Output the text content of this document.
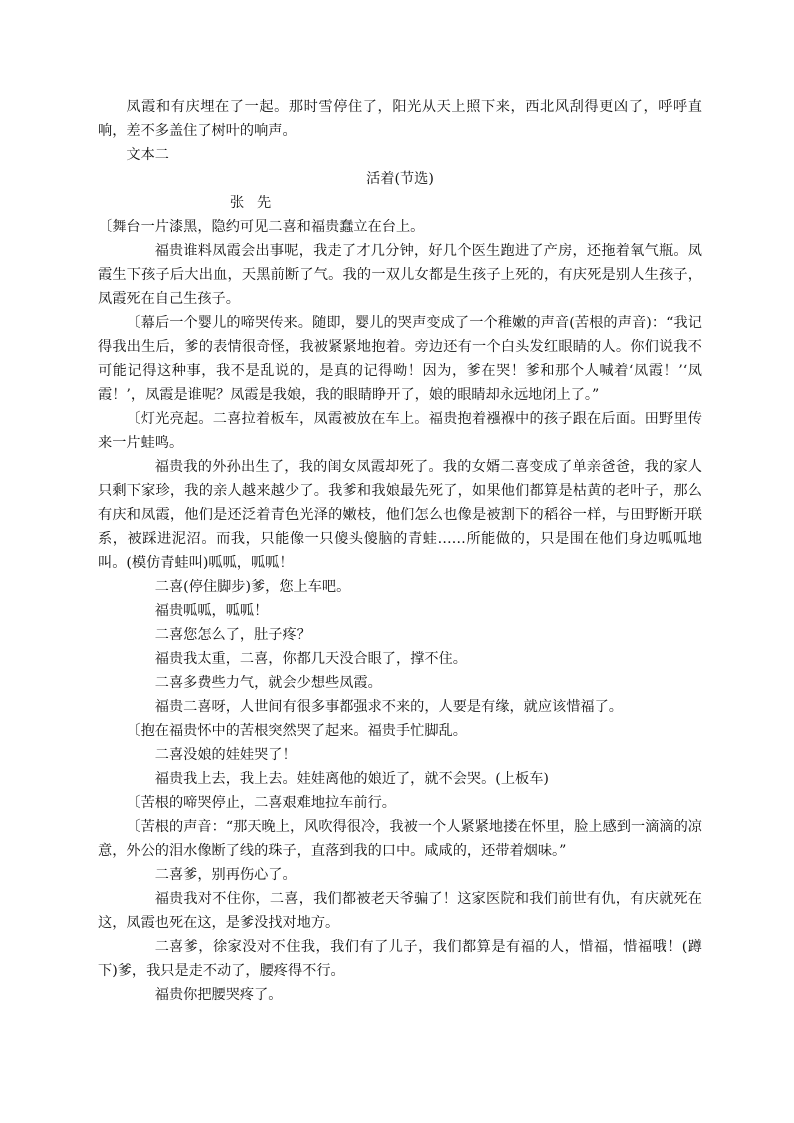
凤霞和有庆埋在了一起。那时雪停住了，阳光从天上照下来，西北风刮得更凶了，呼呼直响，差不多盖住了树叶的响声。

文本二

活着(节选)

张先

〔舞台一片漆黑，隐约可见二喜和福贵蠢立在台上。

福贵谁料凤霞会出事呢，我走了才几分钟，好几个医生跑进了产房，还拖着氧气瓶。凤霞生下孩子后大出血，天黑前断了气。我的一双儿女都是生孩子上死的，有庆死是别人生孩子，凤霞死在自己生孩子。

〔幕后一个婴儿的啼哭传来。随即，婴儿的哭声变成了一个稚嫩的声音(苦根的声音)：“我记得我出生后，爹的表情很奇怪，我被紧紧地抱着。旁边还有一个白头发红眼睛的人。你们说我不可能记得这种事，我不是乱说的，是真的记得呦！因为，爹在哭！爹和那个人喊着‘凤霞！’‘凤霞！’，凤霞是谁呢？凤霞是我娘，我的眼睛睁开了，娘的眼睛却永远地闭上了。”

〔灯光亮起。二喜拉着板车，凤霞被放在车上。福贵抱着襁褓中的孩子跟在后面。田野里传来一片蛙鸣。

福贵我的外孙出生了，我的闺女凤霞却死了。我的女婿二喜变成了单亲爸爸，我的家人只剩下家珍，我的亲人越来越少了。我爹和我娘最先死了，如果他们都算是枯黄的老叶子，那么有庆和凤霞，他们是还泛着青色光泽的嫩枝，他们怎么也像是被割下的稻谷一样，与田野断开联系，被踩进泥沼。而我，只能像一只傻头傻脑的青蛙……所能做的，只是围在他们身边呱呱地叫。(模仿青蛙叫)呱呱，呱呱！

二喜(停住脚步)爹，您上车吧。

福贵呱呱，呱呱！

二喜您怎么了，肚子疼？

福贵我太重，二喜，你都几天没合眼了，撑不住。

二喜多费些力气，就会少想些凤霞。

福贵二喜呀，人世间有很多事都强求不来的，人要是有缘，就应该惜福了。

〔抱在福贵怀中的苦根突然哭了起来。福贵手忙脚乱。

二喜没娘的娃娃哭了！

福贵我上去，我上去。娃娃离他的娘近了，就不会哭。(上板车)

〔苦根的啼哭停止，二喜艰难地拉车前行。

〔苦根的声音：“那天晚上，风吹得很冷，我被一个人紧紧地搂在怀里，脸上感到一滴滴的凉意，外公的泪水像断了线的珠子，直落到我的口中。咸咸的，还带着烟味。”

二喜爹，别再伤心了。

福贵我对不住你，二喜，我们都被老天爷骗了！这家医院和我们前世有仇，有庆就死在这，凤霞也死在这，是爹没找对地方。

二喜爹，徐家没对不住我，我们有了儿子，我们都算是有福的人，惜福，惜福哦！(蹲下)爹，我只是走不动了，腰疼得不行。

福贵你把腰哭疼了。
